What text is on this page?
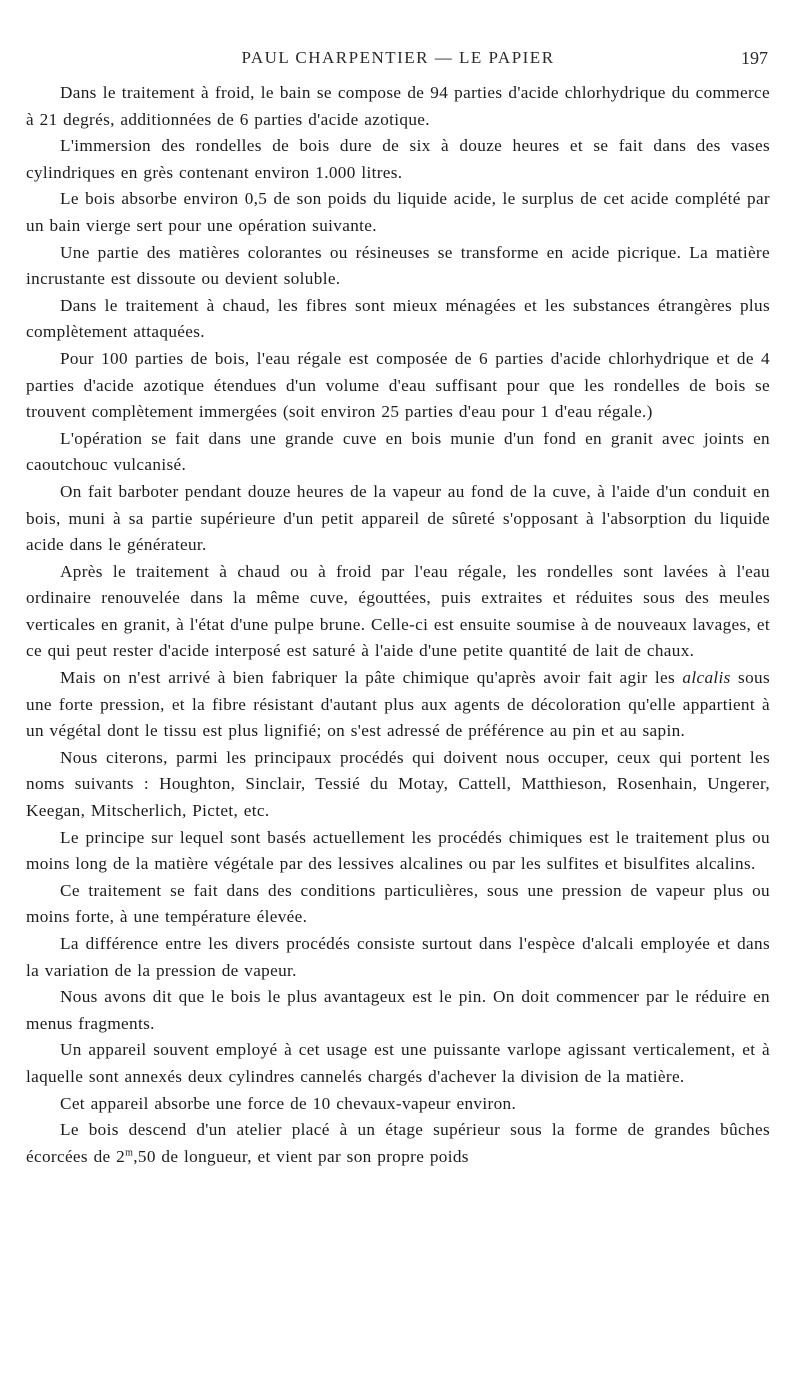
PAUL CHARPENTIER — LE PAPIER	197

Dans le traitement à froid, le bain se compose de 94 parties d'acide chlorhydrique du commerce à 21 degrés, additionnées de 6 parties d'acide azotique.

L'immersion des rondelles de bois dure de six à douze heures et se fait dans des vases cylindriques en grès contenant environ 1.000 litres.

Le bois absorbe environ 0,5 de son poids du liquide acide, le surplus de cet acide complété par un bain vierge sert pour une opération suivante.

Une partie des matières colorantes ou résineuses se transforme en acide picrique. La matière incrustante est dissoute ou devient soluble.

Dans le traitement à chaud, les fibres sont mieux ménagées et les substances étrangères plus complètement attaquées.

Pour 100 parties de bois, l'eau régale est composée de 6 parties d'acide chlorhydrique et de 4 parties d'acide azotique étendues d'un volume d'eau suffisant pour que les rondelles de bois se trouvent complètement immergées (soit environ 25 parties d'eau pour 1 d'eau régale.)

L'opération se fait dans une grande cuve en bois munie d'un fond en granit avec joints en caoutchouc vulcanisé.

On fait barboter pendant douze heures de la vapeur au fond de la cuve, à l'aide d'un conduit en bois, muni à sa partie supérieure d'un petit appareil de sûreté s'opposant à l'absorption du liquide acide dans le générateur.

Après le traitement à chaud ou à froid par l'eau régale, les rondelles sont lavées à l'eau ordinaire renouvelée dans la même cuve, égouttées, puis extraites et réduites sous des meules verticales en granit, à l'état d'une pulpe brune. Celle-ci est ensuite soumise à de nouveaux lavages, et ce qui peut rester d'acide interposé est saturé à l'aide d'une petite quantité de lait de chaux.

Mais on n'est arrivé à bien fabriquer la pâte chimique qu'après avoir fait agir les alcalis sous une forte pression, et la fibre résistant d'autant plus aux agents de décoloration qu'elle appartient à un végétal dont le tissu est plus lignifié; on s'est adressé de préférence au pin et au sapin.

Nous citerons, parmi les principaux procédés qui doivent nous occuper, ceux qui portent les noms suivants : Houghton, Sinclair, Tessié du Motay, Cattell, Matthieson, Rosenhain, Ungerer, Keegan, Mitscherlich, Pictet, etc.

Le principe sur lequel sont basés actuellement les procédés chimiques est le traitement plus ou moins long de la matière végétale par des lessives alcalines ou par les sulfites et bisulfites alcalins.

Ce traitement se fait dans des conditions particulières, sous une pression de vapeur plus ou moins forte, à une température élevée.

La différence entre les divers procédés consiste surtout dans l'espèce d'alcali employée et dans la variation de la pression de vapeur.

Nous avons dit que le bois le plus avantageux est le pin. On doit commencer par le réduire en menus fragments.

Un appareil souvent employé à cet usage est une puissante varlope agissant verticalement, et à laquelle sont annexés deux cylindres cannelés chargés d'achever la division de la matière.

Cet appareil absorbe une force de 10 chevaux-vapeur environ.

Le bois descend d'un atelier placé à un étage supérieur sous la forme de grandes bûches écorcées de 2$^m$,50 de longueur, et vient par son propre poids
